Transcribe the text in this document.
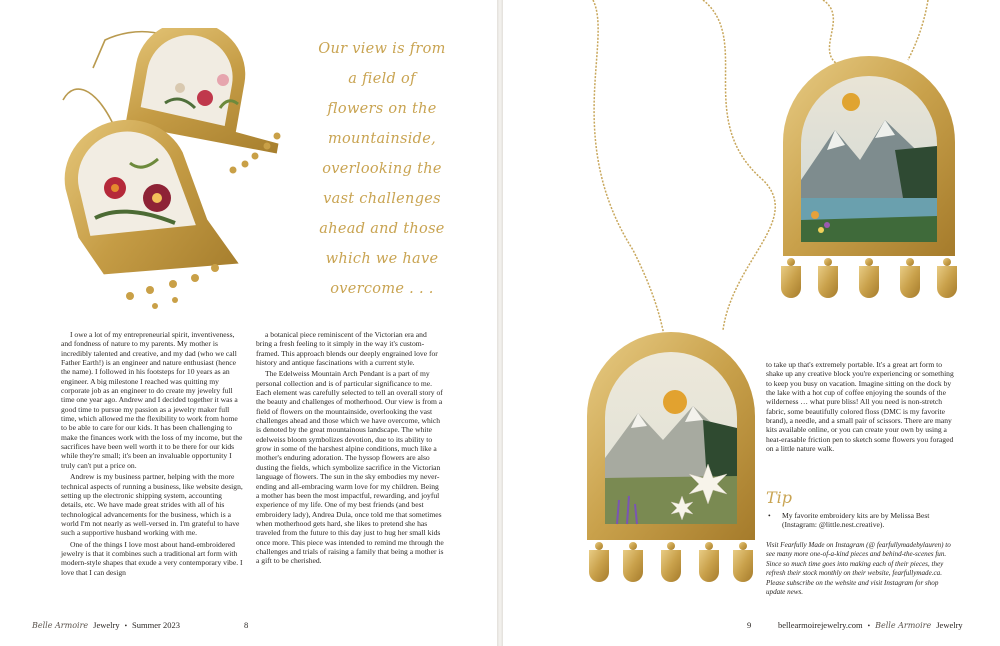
Our view is from a field of flowers on the mountainside, overlooking the vast challenges ahead and those which we have overcome . . .

I owe a lot of my entrepreneurial spirit, inventiveness, and fondness of nature to my parents. My mother is incredibly talented and creative, and my dad (who we call Father Earth!) is an engineer and nature enthusiast (hence the name). I followed in his footsteps for 10 years as an engineer. A big milestone I reached was quitting my corporate job as an engineer to do create my jewelry full time one year ago. Andrew and I decided together it was a good time to pursue my passion as a jewelry maker full time, which allowed me the flexibility to work from home to be able to care for our kids. It has been challenging to make the finances work with the loss of my income, but the sacrifices have been well worth it to be there for our kids while they're small; it's been an invaluable opportunity I truly can't put a price on.

Andrew is my business partner, helping with the more technical aspects of running a business, like website design, setting up the electronic shipping system, accounting details, etc. We have made great strides with all of his technological advancements for the business, which is a world I'm not nearly as well-versed in. I'm grateful to have such a supportive husband working with me.

One of the things I love most about hand-embroidered jewelry is that it combines such a traditional art form with modern-style shapes that exude a very contemporary vibe. I love that I can design

a botanical piece reminiscent of the Victorian era and bring a fresh feeling to it simply in the way it's custom-framed. This approach blends our deeply engrained love for history and antique fascinations with a current style.

The Edelweiss Mountain Arch Pendant is a part of my personal collection and is of particular significance to me. Each element was carefully selected to tell an overall story of the beauty and challenges of motherhood. Our view is from a field of flowers on the mountainside, overlooking the vast challenges ahead and those which we have overcome, which is denoted by the great mountainous landscape. The white edelweiss bloom symbolizes devotion, due to its ability to grow in some of the harshest alpine conditions, much like a mother's enduring adoration. The hyssop flowers are also dusting the fields, which symbolize sacrifice in the Victorian language of flowers. The sun in the sky embodies my never-ending and all-embracing warm love for my children. Being a mother has been the most impactful, rewarding, and joyful experience of my life. One of my best friends (and best embroidery lady), Andrea Dula, once told me that sometimes when motherhood gets hard, she likes to pretend she has traveled from the future to this day just to hug her small kids once more. This piece was intended to remind me through the challenges and trials of raising a family that being a mother is a gift to be cherished.

Belle Armoire Jewelry • Summer 2023	8	9

to take up that's extremely portable. It's a great art form to shake up any creative block you're experiencing or something to keep you busy on vacation. Imagine sitting on the dock by the lake with a hot cup of coffee enjoying the sounds of the wilderness … what pure bliss! All you need is non-stretch fabric, some beautifully colored floss (DMC is my favorite brand), a needle, and a small pair of scissors. There are many kits available online, or you can create your own by using a heat-erasable friction pen to sketch some flowers you foraged on a little nature walk.

Tip
• My favorite embroidery kits are by Melissa Best (Instagram: @little.nest.creative).
Visit Fearfully Made on Instagram (@ fearfullymadebylauren) to see many more one-of-a-kind pieces and behind-the-scenes fun. Since so much time goes into making each of their pieces, they refresh their stock monthly on their website, fearfullymade.ca. Please subscribe on the website and visit Instagram for shop update news.
bellearmoirejewelry.com • Belle Armoire Jewelry
